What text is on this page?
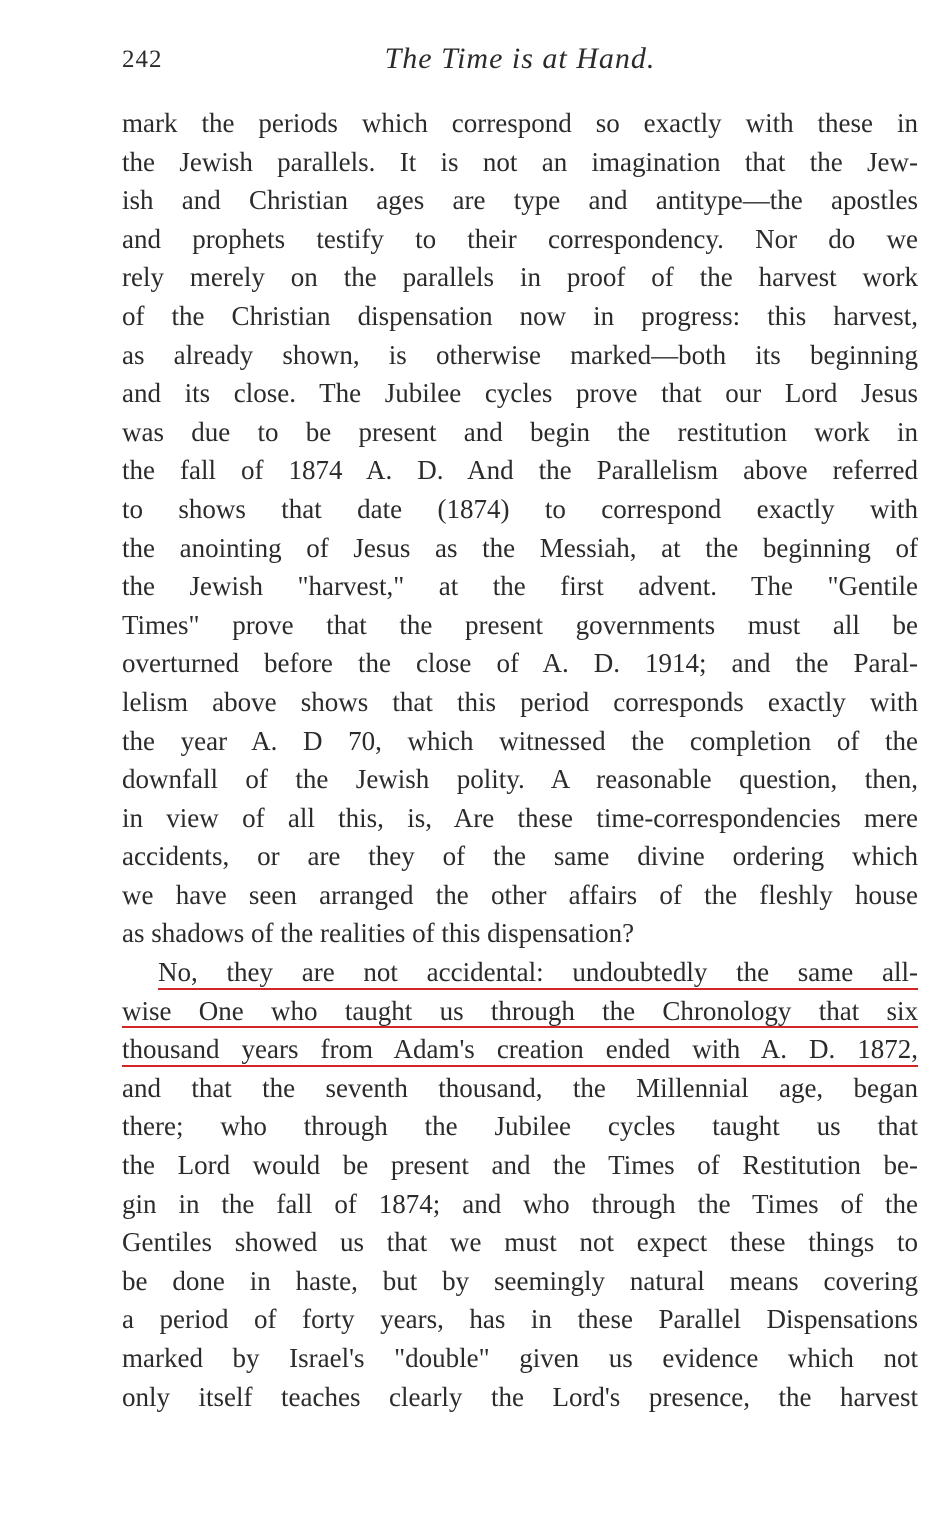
242	The Time is at Hand.
mark the periods which correspond so exactly with these in
the Jewish parallels. It is not an imagination that the Jew-
ish and Christian ages are type and antitype—the apostles
and prophets testify to their correspondency. Nor do we
rely merely on the parallels in proof of the harvest work
of the Christian dispensation now in progress: this harvest,
as already shown, is otherwise marked—both its beginning
and its close. The Jubilee cycles prove that our Lord Jesus
was due to be present and begin the restitution work in
the fall of 1874 A. D. And the Parallelism above referred
to shows that date (1874) to correspond exactly with
the anointing of Jesus as the Messiah, at the beginning of
the Jewish "harvest," at the first advent. The "Gentile
Times" prove that the present governments must all be
overturned before the close of A. D. 1914; and the Paral-
lelism above shows that this period corresponds exactly with
the year A. D 70, which witnessed the completion of the
downfall of the Jewish polity. A reasonable question, then,
in view of all this, is, Are these time-correspondencies mere
accidents, or are they of the same divine ordering which
we have seen arranged the other affairs of the fleshly house
as shadows of the realities of this dispensation?
No, they are not accidental: undoubtedly the same all-
wise One who taught us through the Chronology that six
thousand years from Adam's creation ended with A. D. 1872,
and that the seventh thousand, the Millennial age, began
there; who through the Jubilee cycles taught us that
the Lord would be present and the Times of Restitution be-
gin in the fall of 1874; and who through the Times of the
Gentiles showed us that we must not expect these things to
be done in haste, but by seemingly natural means covering
a period of forty years, has in these Parallel Dispensations
marked by Israel's "double" given us evidence which not
only itself teaches clearly the Lord's presence, the harvest
